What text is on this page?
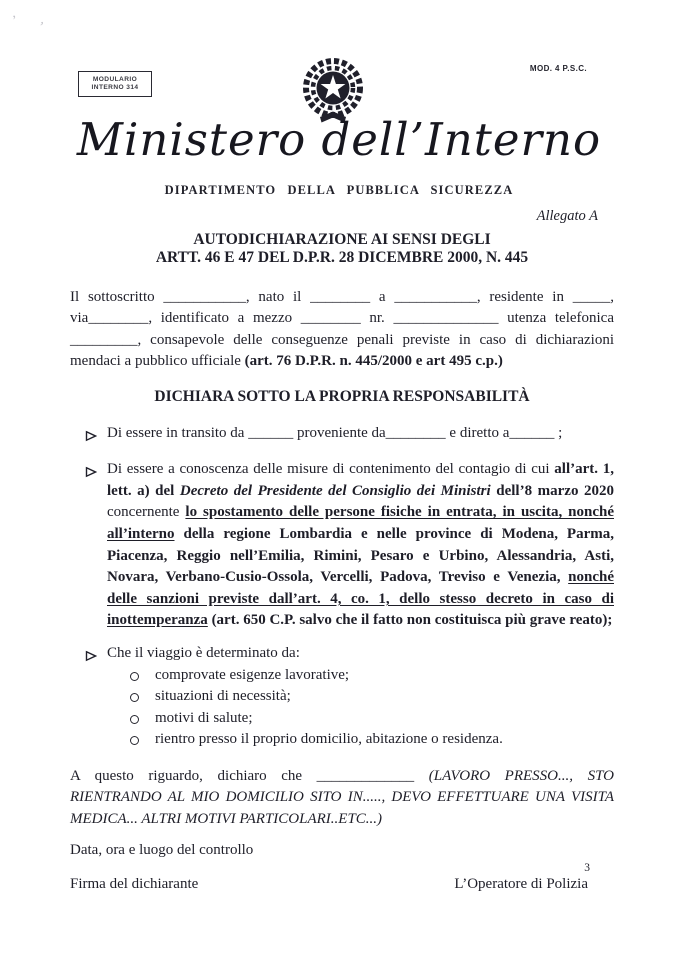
’ ’
MODULARIO
INTERNO 314
MOD. 4 P.S.C.
Ministero dell’Interno
DIPARTIMENTO DELLA PUBBLICA SICUREZZA
Allegato A
AUTODICHIARAZIONE AI SENSI DEGLI
ARTT. 46 E 47 DEL D.P.R. 28 DICEMBRE 2000, N. 445

Il sottoscritto ___________, nato il ________ a ___________, residente in _____, via________, identificato a mezzo ________ nr. ______________ utenza telefonica _________, consapevole delle conseguenze penali previste in caso di dichiarazioni mendaci a pubblico ufficiale (art. 76 D.P.R. n. 445/2000 e art 495 c.p.)

DICHIARA SOTTO LA PROPRIA RESPONSABILITÀ
Di essere in transito da ______ proveniente da________ e diretto a______ ;
Di essere a conoscenza delle misure di contenimento del contagio di cui all’art. 1, lett. a) del Decreto del Presidente del Consiglio dei Ministri dell’8 marzo 2020 concernente lo spostamento delle persone fisiche in entrata, in uscita, nonché all’interno della regione Lombardia e nelle province di Modena, Parma, Piacenza, Reggio nell’Emilia, Rimini, Pesaro e Urbino, Alessandria, Asti, Novara, Verbano-Cusio-Ossola, Vercelli, Padova, Treviso e Venezia, nonché delle sanzioni previste dall’art. 4, co. 1, dello stesso decreto in caso di inottemperanza (art. 650 C.P. salvo che il fatto non costituisca più grave reato);
Che il viaggio è determinato da:
comprovate esigenze lavorative;
situazioni di necessità;
motivi di salute;
rientro presso il proprio domicilio, abitazione o residenza.

A questo riguardo, dichiaro che _____________ (LAVORO PRESSO..., STO RIENTRANDO AL MIO DOMICILIO SITO IN....., DEVO EFFETTUARE UNA VISITA MEDICA... ALTRI MOTIVI PARTICOLARI..ETC...)

Data, ora e luogo del controllo
Firma del dichiarante	L’Operatore di Polizia
3
